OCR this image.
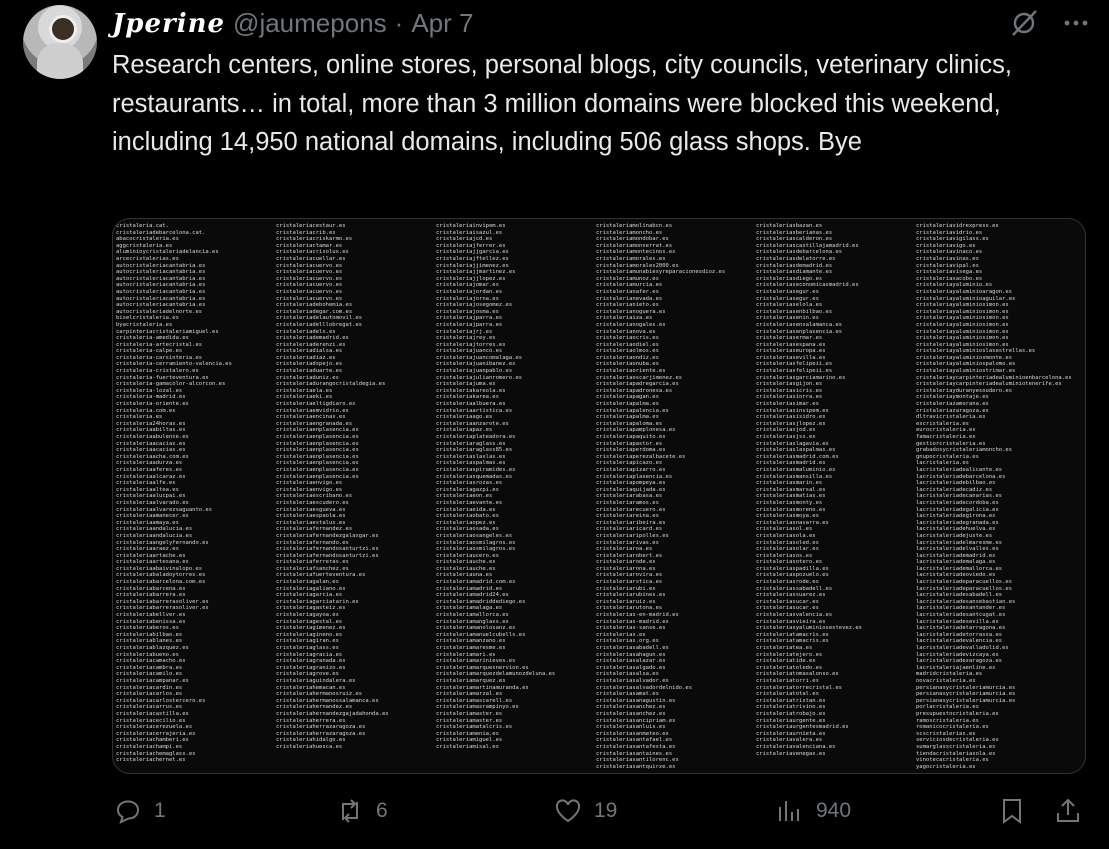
Jperine @jaumepons · Apr 7
Research centers, online stores, personal blogs, city councils, veterinary clinics, restaurants… in total, more than 3 million domains were blocked this weekend, including 14,950 national domains, including 506 glass shops. Bye
cristaleria.cat.
cristaleriadebarcelona.cat.
abacocristaleria.es
aggcristaleria.es
aluminioycristaleriadelancia.es
arcecristalerias.es
autocristaleriacantabria.es
autocristaleriacantabria.es
autocristaleriacantabria.es
autocristaleriacantabria.es
autocristaleriacantabria.es
autocristaleriacantabria.es
autocristaleriacantabria.es
autocristaleriadelnorte.es
biselcristaleria.es
byacristaleria.es
carpinteriacristaleriamiguel.es
cristaleria-amedida.es
cristaleria-artecristal.es
cristaleria-calpe.es
cristaleria-carsinteria.es
cristaleria-cerramiento-valencia.es
cristaleria-cristalero.es
cristaleria-fuerteventura.es
cristaleria-gamacolor-alcorcon.es
cristaleria-lozal.es
cristaleria-madrid.es
cristaleria-oriente.es
cristaleria.com.es
cristaleria.es
cristaleria24horas.es
cristaleriaabiltas.es
cristaleriaabulense.es
cristaleriaacacias.es
cristaleriaacacias.es
cristaleriaacha.com.es
cristaleriaadurza.es
cristaleriaaferes.es
cristaleriaalcaraz.es
cristaleriaalfe.es
cristaleriaaltea.es
cristaleriaalucpai.es
cristaleriaalvarado.es
cristaleriaalvarezsaguanto.es
cristaleriaamanecer.es
cristaleriaamaya.es
cristaleriaandalucia.es
cristaleriaandalucia.es
cristaleriaangelyfernando.es
cristaleriaaraez.es
cristaleriaartache.es
cristaleriaartesana.es
cristaleriaabaivinalopo.es
cristaleriabaladoytorres.es
cristaleriabarcelona.com.es
cristaleriabarcena.es
cristaleriabarrera.es
cristaleriabarrerasoliver.es
cristaleriabarrerasoliver.es
cristaleriabellver.es
cristaleriabenissa.es
cristaleriaberos.es
cristaleriabilbao.es
cristaleriablanes.es
cristaleriablazquez.es
cristaleriabueno.es
cristaleriacamacho.es
cristaleriacambra.es
cristaleriacamilo.es
cristaleriacampanar.es
cristaleriacardin.es
cristaleriacarlos.es
cristaleriacarlostercero.es
cristaleriacarrus.es
cristaleriacastilla.es
cristaleriacecilio.es
cristaleriacerezuela.es
cristaleriacerrajeria.es
cristaleriachamberi.es
cristaleriachampi.es
cristaleriachemaglass.es
cristaleriachernet.es
cristaleriacestaur.es
cristaleriacrib.es
cristaleriacriskarmo.es
cristaleriactamar.es
cristaleriacrisolux.es
cristaleriacuellar.es
cristaleriacuervo.es
cristaleriacuervo.es
cristaleriacuervo.es
cristaleriacuervo.es
cristaleriacuervo.es
cristaleriacuervo.es
cristaleriadebohemia.es
cristaleriadegar.com.es
cristaleriadelautomovil.es
cristaleriadelllobregat.es
cristaleriadelx.es
cristaleriademadrid.es
cristaleriaderenzi.es
cristaleriadialsa.es
cristaleriadiaz.es
cristaleriadspejo.es
cristaleriaduarte.es
cristaleriaduniz.es
cristaleriadurangocristaldegia.es
cristaleriaela.es
cristaleriaeki.es
cristaleriaeltigdiaro.es
cristaleriaemvidrio.es
cristaleriaencinas.es
cristaleriaengranada.es
cristaleriaenplasencia.es
cristaleriaenplasencia.es
cristaleriaenplasencia.es
cristaleriaenplasencia.es
cristaleriaenplasencia.es
cristaleriaenplasencia.es
cristaleriaenplasencia.es
cristaleriaenplasencia.es
cristaleriaenvigo.es
cristaleriaenvigo.es
cristaleriaescribano.es
cristaleriaescudero.es
cristaleriaesgueva.es
cristaleriaespaola.es
cristaleriaestalux.es
cristaleriafernandez.es
cristaleriafernandezgalaxgar.es
cristaleriafernando.es
cristaleriafernandosanturtzi.es
cristaleriafernandosanturtzi.es
cristaleriaferreras.es
cristaleriafsanchez.es
cristaleriafuerteventura.es
cristaleriagalan.es
cristaleriagaliano.es
cristaleriagarcia.es
cristaleriagarciatarin.es
cristaleriagasteiz.es
cristaleriagayoa.es
cristaleriagestal.es
cristaleriagimenez.es
cristaleriagineno.es
cristaleriagiran.es
cristaleriaglass.es
cristaleriagracia.es
cristaleriagranada.es
cristaleriagranizo.es
cristaleriagrove.es
cristaleriaguindalera.es
cristaleriahemacan.es
cristaleriahermanosruiz.es
cristaleriahermanossalamanca.es
cristaleriahernandez.es
cristaleriahernandezgajadahonda.es
cristaleriaherrera.es
cristaleriaherrazaragoza.es
cristaleriaherrazaragoza.es
cristaleriahidalgo.es
cristaleriahuesca.es
cristaleriainvipem.es
cristaleriaisazul.es
cristaleriajcd.es
cristaleriajferrer.es
cristaleriajjgarcia.es
cristaleriajftellez.es
cristaleriajjimenez.es
cristaleriajjmartinez.es
cristaleriajjlopez.es
cristaleriajomar.es
cristaleriajordan.es
cristaleriajorna.es
cristaleriajosegomez.es
cristaleriajosma.es
cristaleriajparra.es
cristaleriajparra.es
cristaleriajrj.es
cristaleriajrey.es
cristaleriajtorres.es
cristaleriajuanco.es
cristaleriajuancomalaga.es
cristaleriajuanibanez.es
cristaleriajuanpablo.es
cristaleriajulianromero.es
cristaleriajuma.es
cristaleriakareola.es
cristaleriakarea.es
cristaleriaalbuera.es
cristaleriaartistica.es
cristaleriaago.es
cristaleriaanzarote.es
cristaleriapaz.es
cristaleriaplateadora.es
cristaleriaraglass.es
cristaleriaraglass85.es
cristaleriaslaslas.es
cristaleriaspalmas.es
cristaleriaspiramides.es
cristaleriasquemadas.es
cristaleriasrozas.es
cristaleriagazpi.es
cristaleriaeon.es
cristaleriaevante.es
cristaleriaeida.es
cristaleriaobato.es
cristaleriaopez.es
cristaleriaosada.es
cristaleriaosangeles.es
cristaleriaosmilagros.es
cristaleriaosmilagros.es
cristaleriaucero.es
cristaleriauche.es
cristaleriauche.es
cristaleriauna.es
cristaleriamadrid.com.es
cristaleriamadrid.es
cristaleriamadrid24.es
cristaleriamadriddediego.es
cristaleriamalaga.es
cristaleriamallorca.es
cristaleriamanglass.es
cristaleriamanolosanz.es
cristaleriamanuelcubells.es
cristaleriamanzano.es
cristaleriamaresme.es
cristaleriamari.es
cristaleriamarinieves.es
cristaleriamarquesnervion.es
cristaleriamarquezdelamunozdeluna.es
cristaleriamarquez.es
cristaleriamartinamuranda.es
cristaleriamarzal.es
cristaleriamascarell.es
cristaleriamasrampinyo.es
cristaleriamaster.es
cristaleriamaster.es
cristaleriamatalcris.es
cristaleriamenia.es
cristaleriamiguel.es
cristaleriamisal.es
cristaleriamolinabcn.es
cristaleriamoncho.es
cristaleriamondobar.es
cristaleriamonserrat.es
cristaleriamontecinos.es
cristaleriamorales.es
cristaleriamorales2000.es
cristaleriamunabiesyreparacionesdioz.es
cristaleriamunoz.es
cristaleriamurcia.es
cristalerianafer.es
cristalerianevada.es
cristalerianieto.es
cristalerianoguera.es
cristaleriaiza.es
cristalerianogales.es
cristalerianova.es
cristaleriaocris.es
cristaleriaodiel.es
cristaleriaolmos.es
cristaleriaondiz.es
cristaleriaonuba.es
cristaleriaoriente.es
cristaleriaoscarjimenez.es
cristaleriapadregarcia.es
cristaleriapadronesa.es
cristaleriapagan.es
cristaleriapalma.es
cristaleriapalencia.es
cristaleriapalma.es
cristaleriapaloma.es
cristaleriapamplonesa.es
cristaleriapaquito.es
cristaleriapastor.es
cristaleriaperdoma.es
cristaleriaperezalbacete.es
cristaleriapicazo.es
cristaleriapizarro.es
cristaleriaplasencia.es
cristaleriapompeya.es
cristaleriaquijada.es
cristaleriarabasa.es
cristaleriaramos.es
cristaleriarecuero.es
cristaleriareina.es
cristaleriaribeira.es
cristaleriaricard.es
cristaleriaripolles.es
cristaleriarivas.es
cristaleriaroa.es
cristaleriarobert.es
cristaleriarode.es
cristaleriarona.es
cristaleriarovira.es
cristaleriarstica.es
cristaleriarubi.es
cristaleriarubines.es
cristaleriaruiz.es
cristaleriarutona.es
cristalerias-en-madrid.es
cristalerias-madrid.es
cristalerias-sanse.es
cristalerias.es
cristalerias.org.es
cristaleriasabadell.es
cristaleriasahagun.es
cristaleriasalazar.es
cristaleriasalgado.es
cristaleriasalsa.es
cristaleriasalvador.es
cristaleriasalvadordelnido.es
cristaleriasamat.es
cristaleriasanagustin.es
cristaleriasanchez.es
cristaleriasanchez.es
cristaleriasancipriam.es
cristaleriasanluis.es
cristaleriasanmateo.es
cristaleriasantafael.es
cristaleriasantafesta.es
cristaleriasantaines.es
cristaleriasantilorenc.es
cristaleriasantquirze.es
cristaleriasbazan.es
cristaleriasberianas.es
cristaleriascalderon.es
cristaleriascastillajamadrid.es
cristaleriasdebarcelona.es
cristaleriasdelatorre.es
cristaleriasdemadrid.es
cristaleriasdiamante.es
cristaleriasdiego.es
cristaleriaseconomicasmadrid.es
cristaleriasegur.es
cristaleriasegur.es
cristaleriaselola.es
cristaleriasenbilbao.es
cristaleriasenin.es
cristaleriasensalamanca.es
cristaleriasenplasencia.es
cristaleriasermar.es
cristaleriasespana.es
cristaleriaseuropa.es
cristaleriasevilla.es
cristaleriasfelipeii.es
cristaleriasfelipeii.es
cristaleriasgarciamarino.es
cristaleriasgijon.es
cristaleriasicris.es
cristaleriasiorra.es
cristaleriasimar.es
cristaleriasinvipem.es
cristaleriasisidro.es
cristaleriasjlopez.es
cristaleriasjod.es
cristaleriasjss.es
cristaleriaslagavia.es
cristaleriaslaspalmas.es
cristaleriasmadrid.com.es
cristaleriasmadrid.es
cristaleriasmaluminio.es
cristaleriasmansilla.es
cristaleriasmarin.es
cristaleriasmarsal.es
cristaleriasmatias.es
cristaleriasmonty.es
cristaleriasmoreno.es
cristaleriasmoya.es
cristaleriasnavarra.es
cristaleriasol.es
cristaleriasola.es
cristaleriasoled.es
cristaleriasolar.es
cristaleriasos.es
cristaleriasotero.es
cristaleriaspadilla.es
cristaleriaspozuelo.es
cristaleriasrode.es
cristaleriassabadell.es
cristaleriassuarez.es
cristaleriasucar.es
cristaleriasucar.es
cristaleriasvalencia.es
cristaleriasvieira.es
cristaleriasyaluminiosestevez.es
cristaleriatamacris.es
cristaleriatamacris.es
cristaleriatea.es
cristaleriatejero.es
cristaleriatide.es
cristaleriatoledo.es
cristaleriatomasalonso.es
cristaleriatorri.es
cristaleriatorrecristal.es
cristaleriatotal.es
cristaleriatristan.es
cristaleriatrivino.es
cristaleriatrobajo.es
cristaleriaurgente.es
cristaleriaurgentesmadrid.es
cristaleriaurnieta.es
cristaleriavalera.es
cristaleriavalenciana.es
cristaleriavenegas.es
cristaleriavidrexpress.es
cristaleriavidrio.es
cristaleriavigilass.es
cristaleriavigo.es
cristaleriavinaco.es
cristaleriavinas.es
cristaleriavipal.es
cristaleriavisega.es
cristaleriaxacobo.es
cristaleriayaluminio.es
cristaleriayaluminioaragon.es
cristaleriayaluminioaguilar.es
cristaleriayaluminiosimon.es
cristaleriayaluminiosimon.es
cristaleriayaluminiosimon.es
cristaleriayaluminiosimon.es
cristaleriayaluminiosimon.es
cristaleriayaluminiosimon.es
cristaleriayaluminiosimon.es
cristaleriayaluminioslasestrellas.es
cristaleriayaluminiosmonte.es
cristaleriayaluminiospalomo.es
cristaleriayaluminiostrimar.es
cristaleriaycarpinteriadealuminioenbarcelona.es
cristaleriaycarpinteriadealuminiotenerife.es
cristaleriayduranyesoudero.es
cristaleriaymontaje.es
cristaleriazamorana.es
cristaleriazaragoza.es
dltravicristaleria.es
escristaleria.es
eurocristaleria.es
famacristaleria.es
gestiorcristaleria.es
grabadosycristaleriamoncho.es
gnupocristaleria.es
lacristaleria.es
lacristaleriadealicante.es
lacristaleriadebarcelona.es
lacristaleriadebilbao.es
lacristaleriadecadiz.es
lacristaleriadecanarias.es
lacristaleriadecordoba.es
lacristaleriadegalicia.es
lacristaleriadegirona.es
lacristaleriadegranada.es
lacristaleriadehuelva.es
lacristaleriadejuste.es
lacristaleriadelmaresme.es
lacristaleriadelvalles.es
lacristaleriademadrid.es
lacristaleriademalaga.es
lacristaleriademallorca.es
lacristaleriadeoviedo.es
lacristaleriadeparacuellos.es
lacristaleriadeparacuellos.es
lacristaleriadesabadell.es
lacristaleriadesansebastian.es
lacristaleriadesantander.es
lacristaleriadesantcugat.es
lacristaleriadesevilla.es
lacristaleriadetarragona.es
lacristaleriadetorrassa.es
lacristaleriadevalencia.es
lacristaleriadevalladolid.es
lacristaleriadevizcaya.es
lacristaleriadezaragoza.es
lacristaleriajaenline.es
madridcristaleria.es
novacristaleria.es
persianasycristaleriamurcia.es
persianasycristaleriamurcia.es
persianasycristaleriamurcia.es
porlacristaleria.es
presupuestocristaleria.es
ramoscristaleria.es
romanicocristaleria.es
scscristalerias.es
serviciosdecristaleria.es
sumarglasscristaleria.es
tiendacristaleriasola.es
vinotecacristaleria.es
yagocristaleria.es
1	6	19	940
